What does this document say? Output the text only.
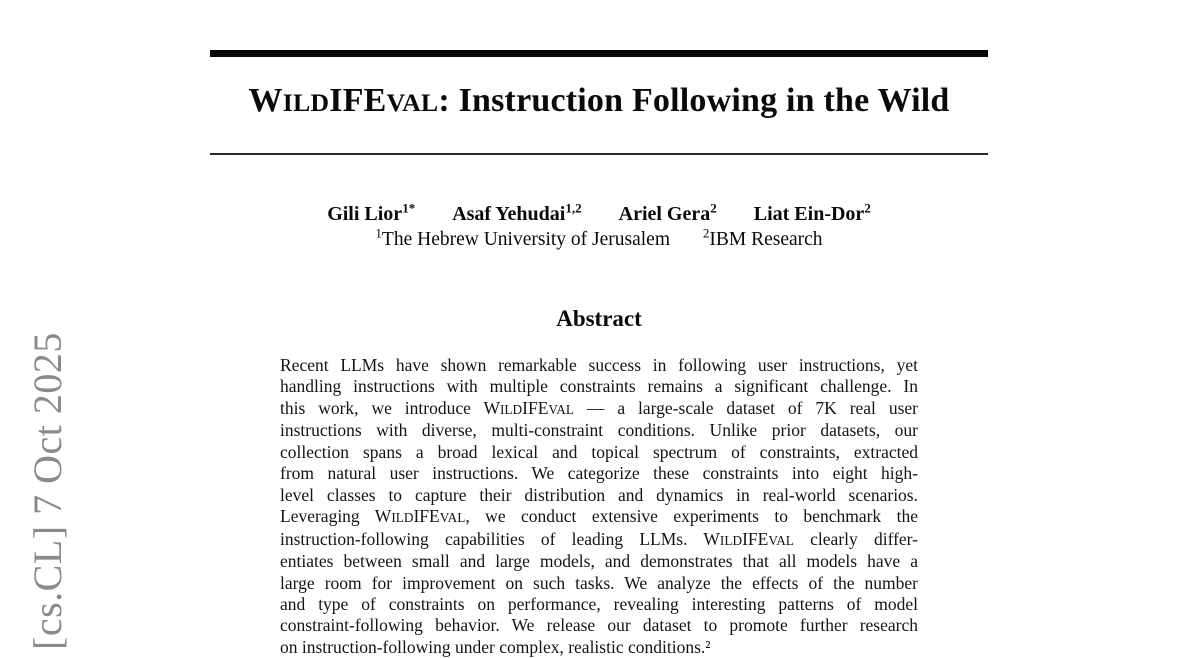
[cs.CL] 7 Oct 2025
WILDIFEVAL: Instruction Following in the Wild
Gili Lior$^{1*}$ Asaf Yehudai$^{1,2}$ Ariel Gera$^2$ Liat Ein-Dor$^2$
$^1$The Hebrew University of Jerusalem	$^2$IBM Research
Abstract
Recent LLMs have shown remarkable success in following user instructions, yet
handling instructions with multiple constraints remains a significant challenge. In
this work, we introduce WILDIFEVAL — a large-scale dataset of 7K real user
instructions with diverse, multi-constraint conditions. Unlike prior datasets, our
collection spans a broad lexical and topical spectrum of constraints, extracted
from natural user instructions. We categorize these constraints into eight high-
level classes to capture their distribution and dynamics in real-world scenarios.
Leveraging WILDIFEVAL, we conduct extensive experiments to benchmark the
instruction-following capabilities of leading LLMs. WILDIFEVAL clearly differ-
entiates between small and large models, and demonstrates that all models have a
large room for improvement on such tasks. We analyze the effects of the number
and type of constraints on performance, revealing interesting patterns of model
constraint-following behavior. We release our dataset to promote further research
on instruction-following under complex, realistic conditions.²
